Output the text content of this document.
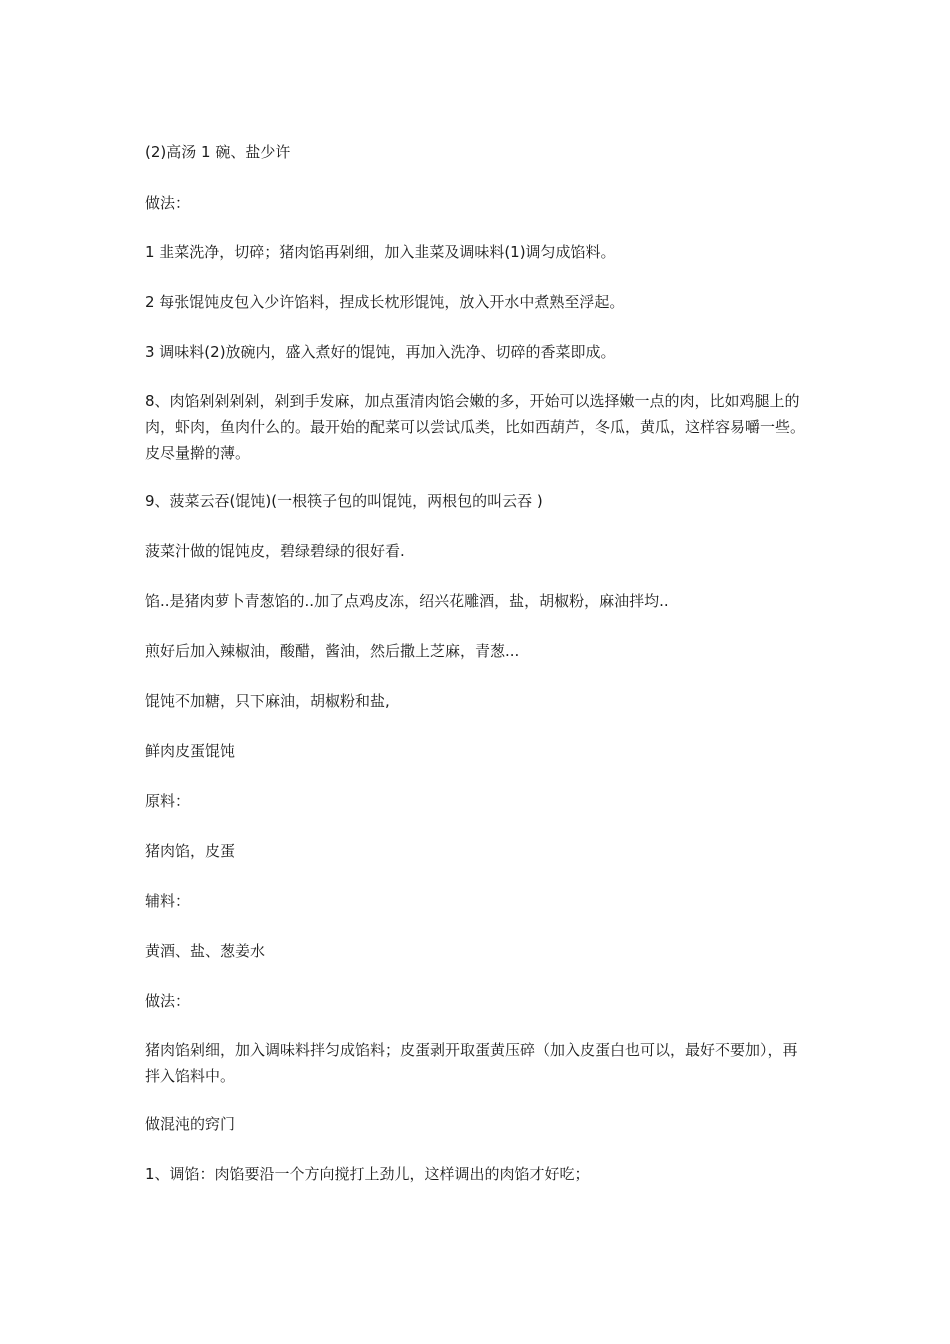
(2)高汤 1 碗、盐少许

做法：

1 韭菜洗净，切碎；猪肉馅再剁细，加入韭菜及调味料(1)调匀成馅料。

2 每张馄饨皮包入少许馅料，捏成长枕形馄饨，放入开水中煮熟至浮起。

3 调味料(2)放碗内，盛入煮好的馄饨，再加入洗净、切碎的香菜即成。

8、肉馅剁剁剁剁，剁到手发麻，加点蛋清肉馅会嫩的多，开始可以选择嫩一点的肉，比如鸡腿上的肉，虾肉，鱼肉什么的。最开始的配菜可以尝试瓜类，比如西葫芦，冬瓜，黄瓜，这样容易嚼一些。皮尽量擀的薄。

9、菠菜云吞(馄饨)(一根筷子包的叫馄饨，两根包的叫云吞 )

菠菜汁做的馄饨皮，碧绿碧绿的很好看.

馅..是猪肉萝卜青葱馅的..加了点鸡皮冻，绍兴花雕酒，盐，胡椒粉，麻油拌均..

煎好后加入辣椒油，酸醋，酱油，然后撒上芝麻，青葱...

馄饨不加糖，只下麻油，胡椒粉和盐,

鲜肉皮蛋馄饨

原料：

猪肉馅，皮蛋

辅料：

黄酒、盐、葱姜水

做法：

猪肉馅剁细，加入调味料拌匀成馅料；皮蛋剥开取蛋黄压碎（加入皮蛋白也可以，最好不要加），再拌入馅料中。

做混沌的窍门

1、调馅：肉馅要沿一个方向搅打上劲儿，这样调出的肉馅才好吃；
